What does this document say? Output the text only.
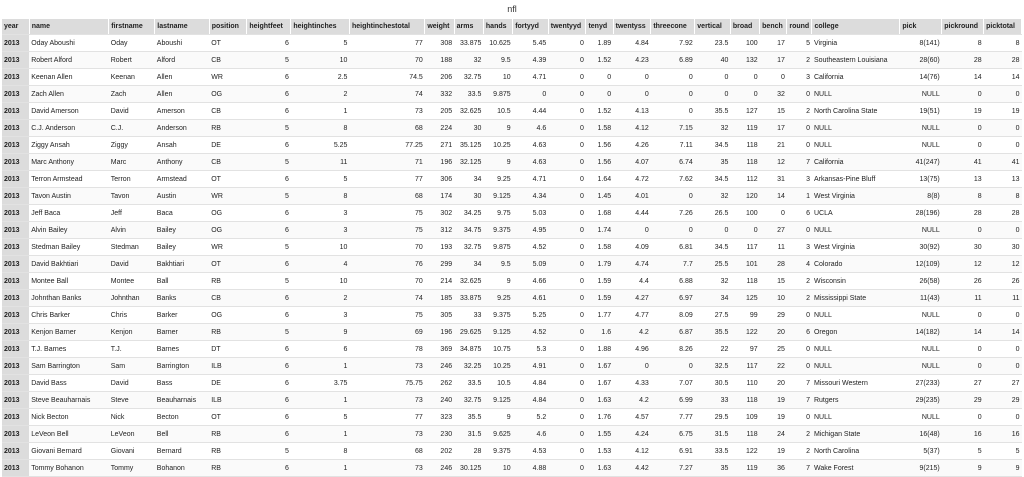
nfl
year	name	firstname	lastname	position	heightfeet	heightinches	heightinchestotal	weight	arms	hands	fortyyd	twentyyd	tenyd	twentyss	threecone	vertical	broad	bench	round	college	pick	pickround	picktotal
2013	Oday Aboushi	Oday	Aboushi	OT	6	5	77	308	33.875	10.625	5.45	0	1.89	4.84	7.92	23.5	100	17	5	Virginia	8(141)	8	8
2013	Robert Alford	Robert	Alford	CB	5	10	70	188	32	9.5	4.39	0	1.52	4.23	6.89	40	132	17	2	Southeastern Louisiana	28(60)	28	28
2013	Keenan Allen	Keenan	Allen	WR	6	2.5	74.5	206	32.75	10	4.71	0	0	0	0	0	0	0	3	California	14(76)	14	14
2013	Zach Allen	Zach	Allen	OG	6	2	74	332	33.5	9.875	0	0	0	0	0	0	0	32	0	NULL	NULL	0	0
2013	David Amerson	David	Amerson	CB	6	1	73	205	32.625	10.5	4.44	0	1.52	4.13	0	35.5	127	15	2	North Carolina State	19(51)	19	19
2013	C.J. Anderson	C.J.	Anderson	RB	5	8	68	224	30	9	4.6	0	1.58	4.12	7.15	32	119	17	0	NULL	NULL	0	0
2013	Ziggy Ansah	Ziggy	Ansah	DE	6	5.25	77.25	271	35.125	10.25	4.63	0	1.56	4.26	7.11	34.5	118	21	0	NULL	NULL	0	0
2013	Marc Anthony	Marc	Anthony	CB	5	11	71	196	32.125	9	4.63	0	1.56	4.07	6.74	35	118	12	7	California	41(247)	41	41
2013	Terron Armstead	Terron	Armstead	OT	6	5	77	306	34	9.25	4.71	0	1.64	4.72	7.62	34.5	112	31	3	Arkansas-Pine Bluff	13(75)	13	13
2013	Tavon Austin	Tavon	Austin	WR	5	8	68	174	30	9.125	4.34	0	1.45	4.01	0	32	120	14	1	West Virginia	8(8)	8	8
2013	Jeff Baca	Jeff	Baca	OG	6	3	75	302	34.25	9.75	5.03	0	1.68	4.44	7.26	26.5	100	0	6	UCLA	28(196)	28	28
2013	Alvin Bailey	Alvin	Bailey	OG	6	3	75	312	34.75	9.375	4.95	0	1.74	0	0	0	0	27	0	NULL	NULL	0	0
2013	Stedman Bailey	Stedman	Bailey	WR	5	10	70	193	32.75	9.875	4.52	0	1.58	4.09	6.81	34.5	117	11	3	West Virginia	30(92)	30	30
2013	David Bakhtiari	David	Bakhtiari	OT	6	4	76	299	34	9.5	5.09	0	1.79	4.74	7.7	25.5	101	28	4	Colorado	12(109)	12	12
2013	Montee Ball	Montee	Ball	RB	5	10	70	214	32.625	9	4.66	0	1.59	4.4	6.88	32	118	15	2	Wisconsin	26(58)	26	26
2013	Johnthan Banks	Johnthan	Banks	CB	6	2	74	185	33.875	9.25	4.61	0	1.59	4.27	6.97	34	125	10	2	Mississippi State	11(43)	11	11
2013	Chris Barker	Chris	Barker	OG	6	3	75	305	33	9.375	5.25	0	1.77	4.77	8.09	27.5	99	29	0	NULL	NULL	0	0
2013	Kenjon Barner	Kenjon	Barner	RB	5	9	69	196	29.625	9.125	4.52	0	1.6	4.2	6.87	35.5	122	20	6	Oregon	14(182)	14	14
2013	T.J. Barnes	T.J.	Barnes	DT	6	6	78	369	34.875	10.75	5.3	0	1.88	4.96	8.26	22	97	25	0	NULL	NULL	0	0
2013	Sam Barrington	Sam	Barrington	ILB	6	1	73	246	32.25	10.25	4.91	0	1.67	0	0	32.5	117	22	0	NULL	NULL	0	0
2013	David Bass	David	Bass	DE	6	3.75	75.75	262	33.5	10.5	4.84	0	1.67	4.33	7.07	30.5	110	20	7	Missouri Western	27(233)	27	27
2013	Steve Beauharnais	Steve	Beauharnais	ILB	6	1	73	240	32.75	9.125	4.84	0	1.63	4.2	6.99	33	118	19	7	Rutgers	29(235)	29	29
2013	Nick Becton	Nick	Becton	OT	6	5	77	323	35.5	9	5.2	0	1.76	4.57	7.77	29.5	109	19	0	NULL	NULL	0	0
2013	LeVeon Bell	LeVeon	Bell	RB	6	1	73	230	31.5	9.625	4.6	0	1.55	4.24	6.75	31.5	118	24	2	Michigan State	16(48)	16	16
2013	Giovani Bernard	Giovani	Bernard	RB	5	8	68	202	28	9.375	4.53	0	1.53	4.12	6.91	33.5	122	19	2	North Carolina	5(37)	5	5
2013	Tommy Bohanon	Tommy	Bohanon	RB	6	1	73	246	30.125	10	4.88	0	1.63	4.42	7.27	35	119	36	7	Wake Forest	9(215)	9	9
